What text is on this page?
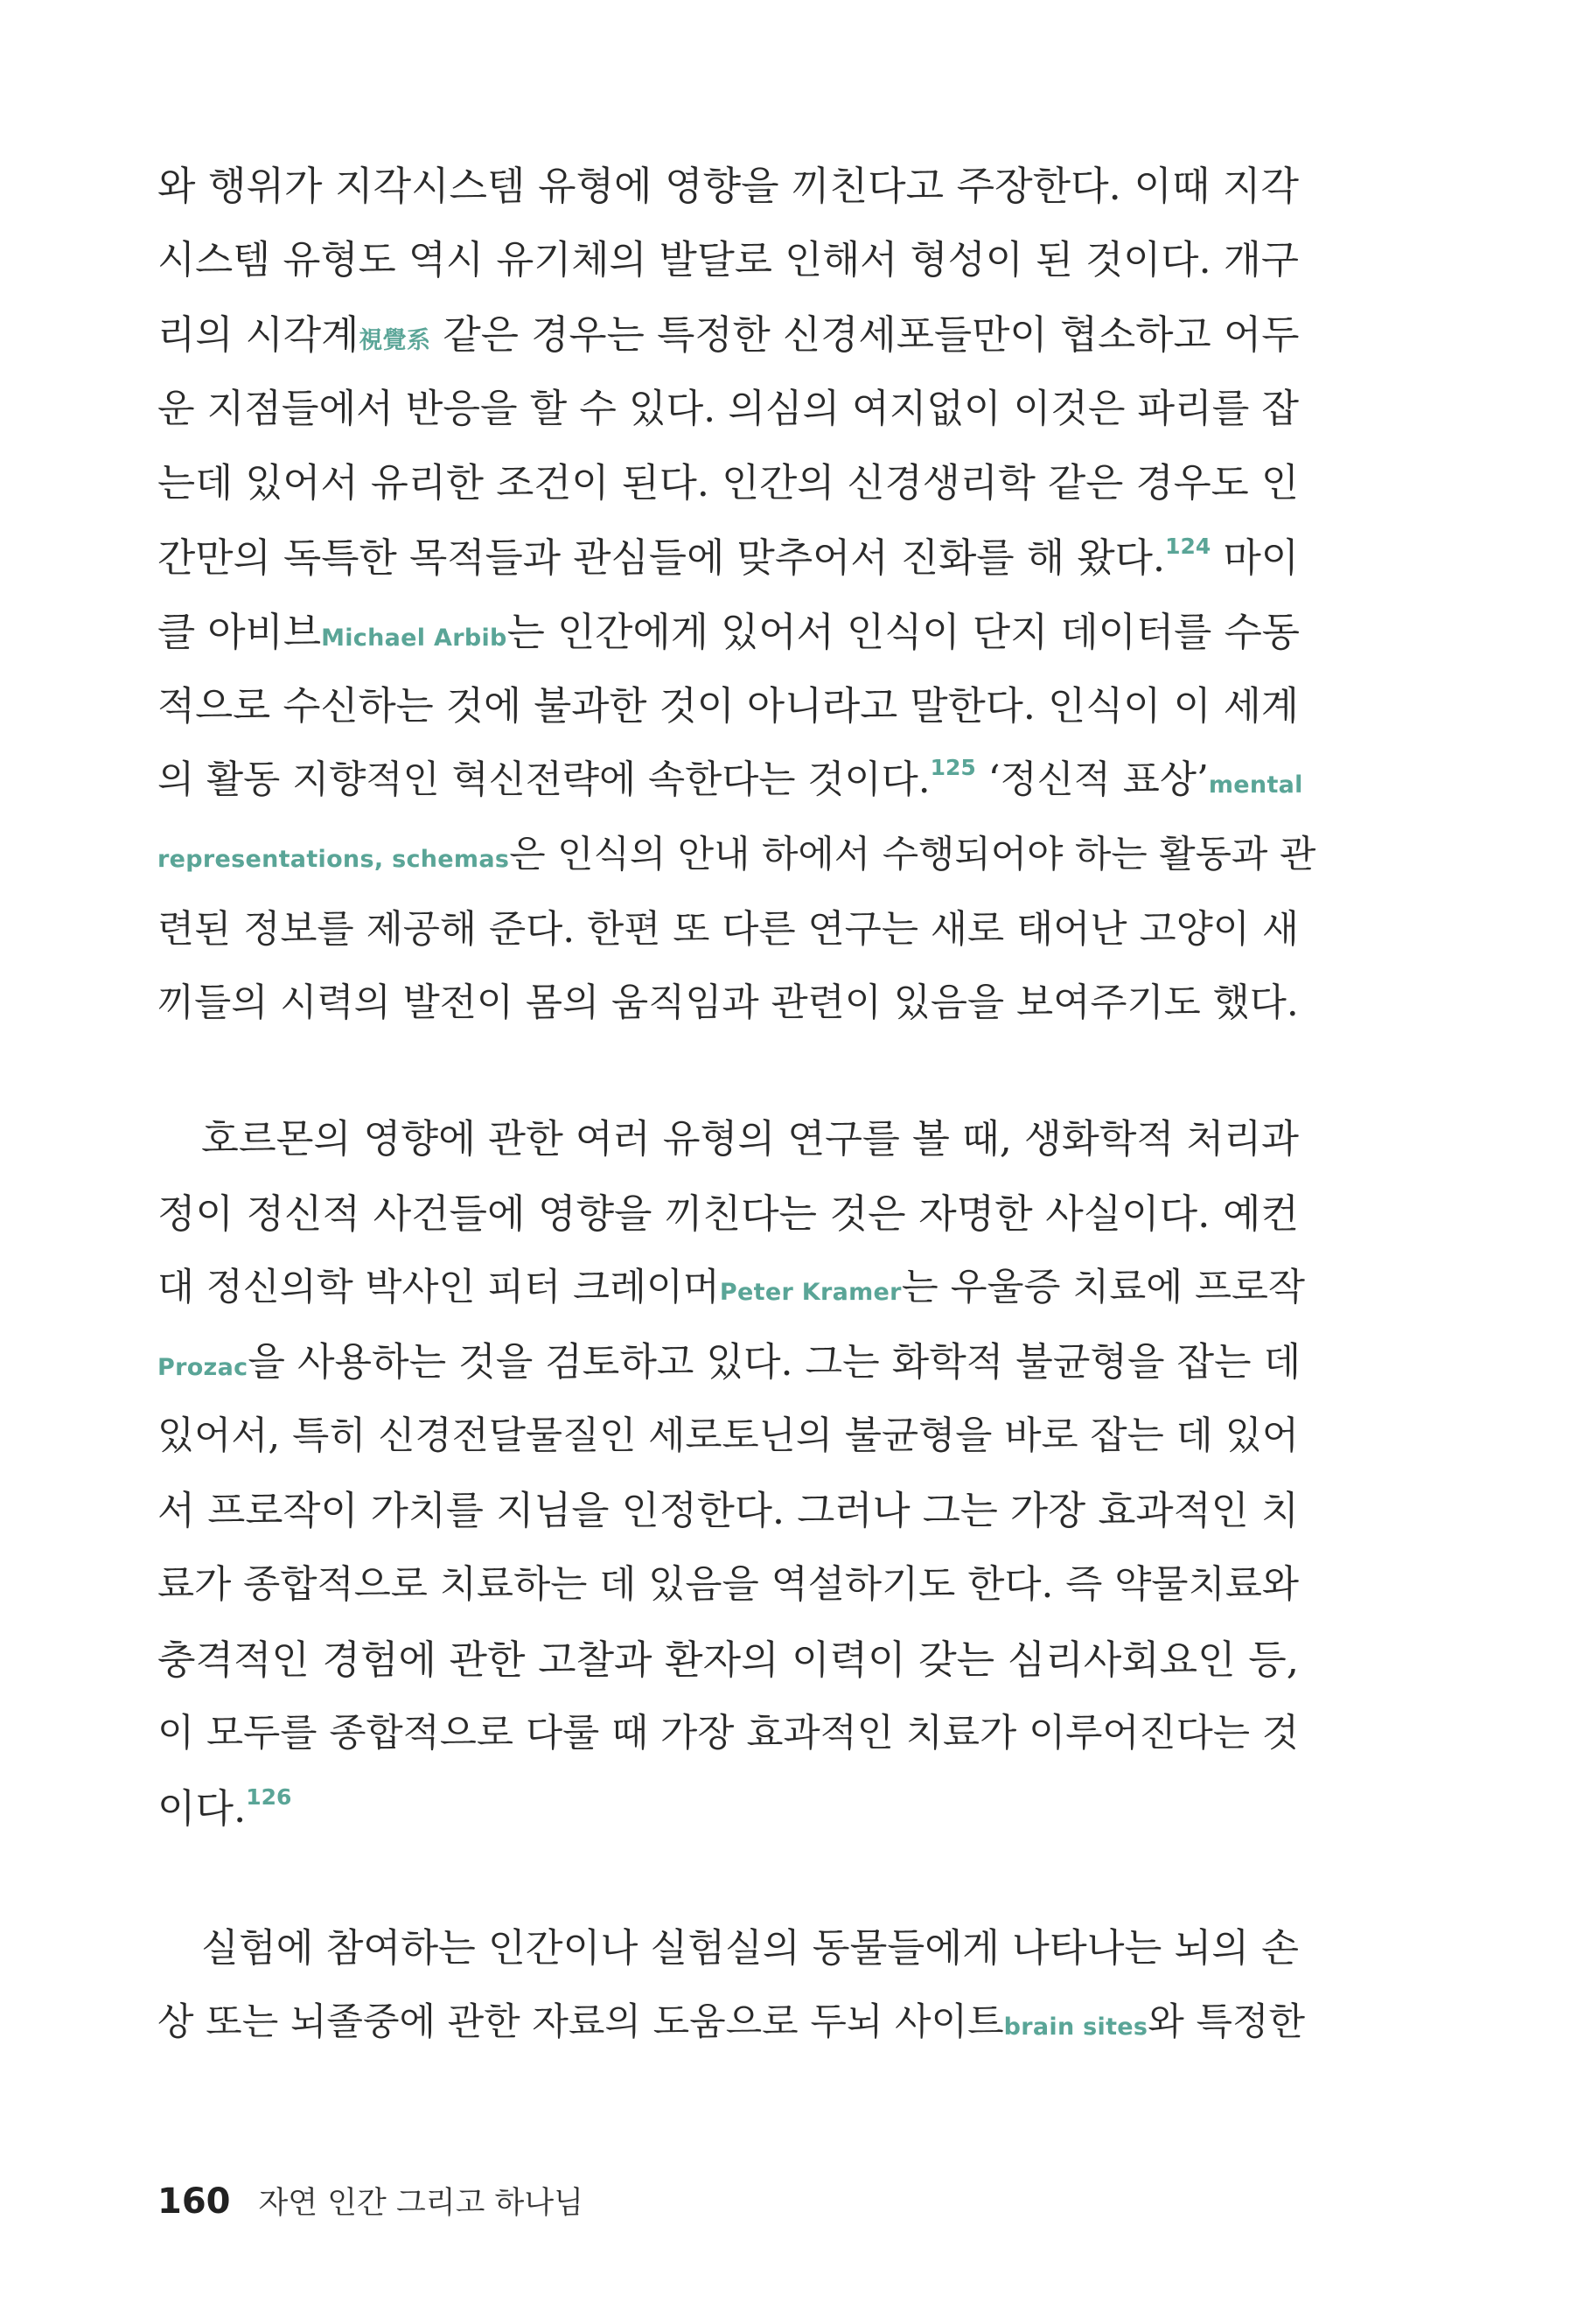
와 행위가 지각시스템 유형에 영향을 끼친다고 주장한다. 이때 지각
시스템 유형도 역시 유기체의 발달로 인해서 형성이 된 것이다. 개구
리의 시각계視覺系 같은 경우는 특정한 신경세포들만이 협소하고 어두
운 지점들에서 반응을 할 수 있다. 의심의 여지없이 이것은 파리를 잡
는데 있어서 유리한 조건이 된다. 인간의 신경생리학 같은 경우도 인
간만의 독특한 목적들과 관심들에 맞추어서 진화를 해 왔다.$^{124}$ 마이
클 아비브Michael Arbib는 인간에게 있어서 인식이 단지 데이터를 수동
적으로 수신하는 것에 불과한 것이 아니라고 말한다. 인식이 이 세계
의 활동 지향적인 혁신전략에 속한다는 것이다.$^{125}$ ‘정신적 표상’mental
representations, schemas은 인식의 안내 하에서 수행되어야 하는 활동과 관
련된 정보를 제공해 준다. 한편 또 다른 연구는 새로 태어난 고양이 새
끼들의 시력의 발전이 몸의 움직임과 관련이 있음을 보여주기도 했다.
호르몬의 영향에 관한 여러 유형의 연구를 볼 때, 생화학적 처리과
정이 정신적 사건들에 영향을 끼친다는 것은 자명한 사실이다. 예컨
대 정신의학 박사인 피터 크레이머Peter Kramer는 우울증 치료에 프로작
Prozac을 사용하는 것을 검토하고 있다. 그는 화학적 불균형을 잡는 데
있어서, 특히 신경전달물질인 세로토닌의 불균형을 바로 잡는 데 있어
서 프로작이 가치를 지님을 인정한다. 그러나 그는 가장 효과적인 치
료가 종합적으로 치료하는 데 있음을 역설하기도 한다. 즉 약물치료와
충격적인 경험에 관한 고찰과 환자의 이력이 갖는 심리사회요인 등,
이 모두를 종합적으로 다룰 때 가장 효과적인 치료가 이루어진다는 것
이다.$^{126}$
실험에 참여하는 인간이나 실험실의 동물들에게 나타나는 뇌의 손
상 또는 뇌졸중에 관한 자료의 도움으로 두뇌 사이트brain sites와 특정한
160 자연 인간 그리고 하나님
